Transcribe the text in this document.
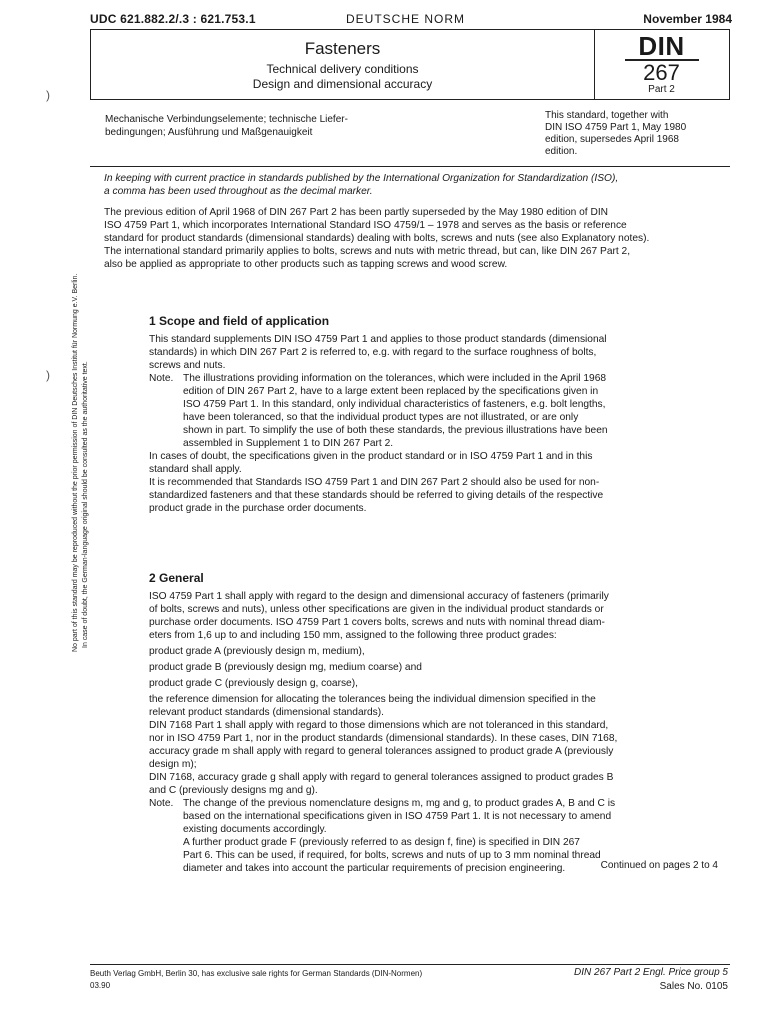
UDC 621.882.2/.3 : 621.753.1	DEUTSCHE NORM	November 1984
Fasteners
Technical delivery conditions
Design and dimensional accuracy
DIN
267
Part 2
Mechanische Verbindungselemente; technische Liefer-
bedingungen; Ausführung und Maßgenauigkeit
This standard, together with
DIN ISO 4759 Part 1, May 1980
edition, supersedes April 1968
edition.

In keeping with current practice in standards published by the International Organization for Standardization (ISO),
a comma has been used throughout as the decimal marker.

The previous edition of April 1968 of DIN 267 Part 2 has been partly superseded by the May 1980 edition of DIN
ISO 4759 Part 1, which incorporates International Standard ISO 4759/1 – 1978 and serves as the basis or reference
standard for product standards (dimensional standards) dealing with bolts, screws and nuts (see also Explanatory notes).
The international standard primarily applies to bolts, screws and nuts with metric thread, but can, like DIN 267 Part 2,
also be applied as appropriate to other products such as tapping screws and wood screw.

1 Scope and field of application

This standard supplements DIN ISO 4759 Part 1 and applies to those product standards (dimensional
standards) in which DIN 267 Part 2 is referred to, e.g. with regard to the surface roughness of bolts,
screws and nuts.

Note. The illustrations providing information on the tolerances, which were included in the April 1968
edition of DIN 267 Part 2, have to a large extent been replaced by the specifications given in
ISO 4759 Part 1. In this standard, only individual characteristics of fasteners, e.g. bolt lengths,
have been toleranced, so that the individual product types are not illustrated, or are only
shown in part. To simplify the use of both these standards, the previous illustrations have been
assembled in Supplement 1 to DIN 267 Part 2.

In cases of doubt, the specifications given in the product standard or in ISO 4759 Part 1 and in this
standard shall apply.

It is recommended that Standards ISO 4759 Part 1 and DIN 267 Part 2 should also be used for non-
standardized fasteners and that these standards should be referred to giving details of the respective
product grade in the purchase order documents.

2 General

ISO 4759 Part 1 shall apply with regard to the design and dimensional accuracy of fasteners (primarily
of bolts, screws and nuts), unless other specifications are given in the individual product standards or
purchase order documents. ISO 4759 Part 1 covers bolts, screws and nuts with nominal thread diam-
eters from 1,6 up to and including 150 mm, assigned to the following three product grades:

product grade A (previously design m, medium),

product grade B (previously design mg, medium coarse) and

product grade C (previously design g, coarse),

the reference dimension for allocating the tolerances being the individual dimension specified in the
relevant product standards (dimensional standards).

DIN 7168 Part 1 shall apply with regard to those dimensions which are not toleranced in this standard,
nor in ISO 4759 Part 1, nor in the product standards (dimensional standards). In these cases, DIN 7168,
accuracy grade m shall apply with regard to general tolerances assigned to product grade A (previously
design m);

DIN 7168, accuracy grade g shall apply with regard to general tolerances assigned to product grades B
and C (previously designs mg and g).

Note. The change of the previous nomenclature designs m, mg and g, to product grades A, B and C is
based on the international specifications given in ISO 4759 Part 1. It is not necessary to amend
existing documents accordingly.
A further product grade F (previously referred to as design f, fine) is specified in DIN 267
Part 6. This can be used, if required, for bolts, screws and nuts of up to 3 mm nominal thread
diameter and takes into account the particular requirements of precision engineering.	Continued on pages 2 to 4
Beuth Verlag GmbH, Berlin 30, has exclusive sale rights for German Standards (DIN-Normen)
03.90
DIN 267 Part 2 Engl. Price group 5
Sales No. 0105
No part of this standard may be reproduced without the prior permission of DIN Deutsches Institut für Normung e.V. Berlin. In case of doubt, the German-language original should be consulted as the authoritative text.
)
)
